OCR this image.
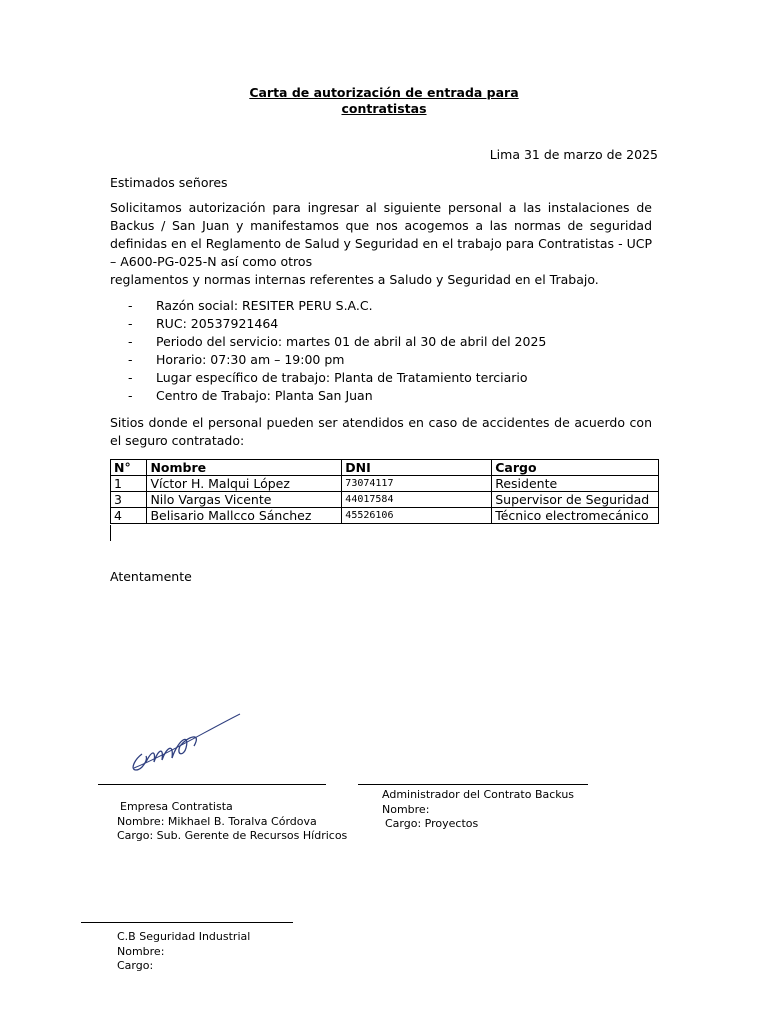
Carta de autorización de entrada para
contratistas
Lima 31 de marzo de 2025
Estimados señores
Solicitamos autorización para ingresar al siguiente personal a las instalaciones de Backus / San Juan y manifestamos que nos acogemos a las normas de seguridad definidas en el Reglamento de Salud y Seguridad en el trabajo para Contratistas - UCP – A600-PG-025-N así como otros
reglamentos y normas internas referentes a Saludo y Seguridad en el Trabajo.
-	Razón social: RESITER PERU S.A.C.
-	RUC: 20537921464
-	Periodo del servicio: martes 01 de abril al 30 de abril del 2025
-	Horario: 07:30 am – 19:00 pm
-	Lugar específico de trabajo: Planta de Tratamiento terciario
-	Centro de Trabajo: Planta San Juan
Sitios donde el personal pueden ser atendidos en caso de accidentes de acuerdo con el seguro contratado:
N°	Nombre	DNI	Cargo
1	Víctor H. Malqui López	73074117	Residente
3	Nilo Vargas Vicente	44017584	Supervisor de Seguridad
4	Belisario Mallcco Sánchez	45526106	Técnico electromecánico
Atentamente
Empresa Contratista
Nombre: Mikhael B. Toralva Córdova
Cargo: Sub. Gerente de Recursos Hídricos
Administrador del Contrato Backus
Nombre:
Cargo: Proyectos
C.B Seguridad Industrial
Nombre:
Cargo:
